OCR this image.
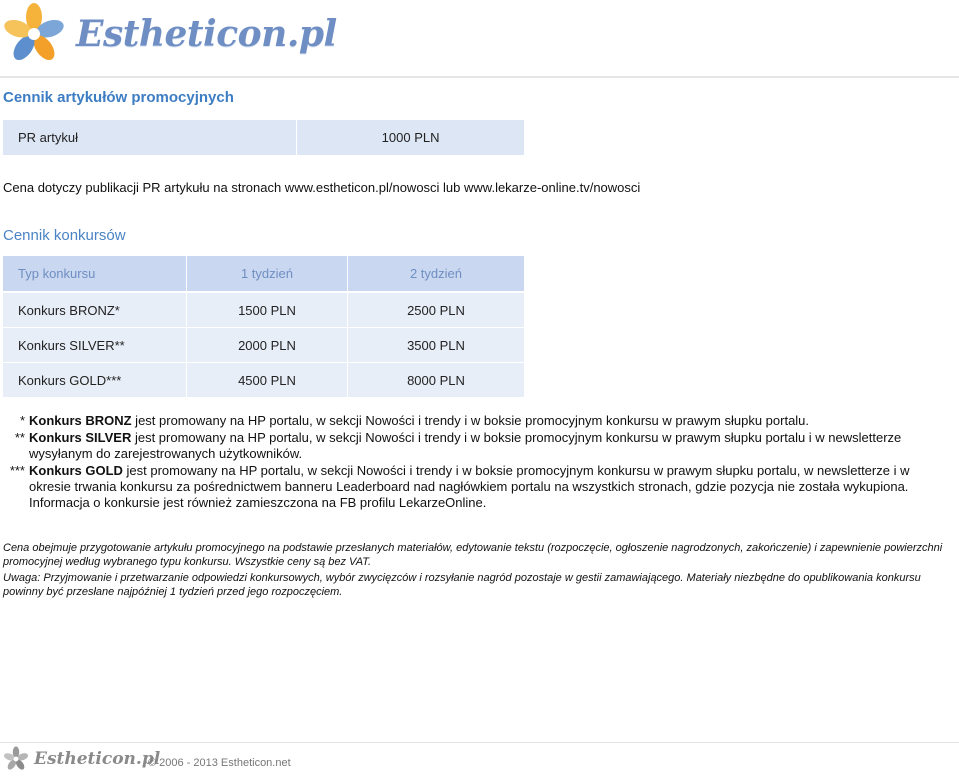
Estheticon.pl
Cennik artykułów promocyjnych
PR artykuł	1000 PLN
Cena dotyczy publikacji PR artykułu na stronach www.estheticon.pl/nowosci lub www.lekarze-online.tv/nowosci
Cennik konkursów
Typ konkursu	1 tydzień	2 tydzień
Konkurs BRONZ*	1500 PLN	2500 PLN
Konkurs SILVER**	2000 PLN	3500 PLN
Konkurs GOLD***	4500 PLN	8000 PLN
* Konkurs BRONZ jest promowany na HP portalu, w sekcji Nowości i trendy i w boksie promocyjnym konkursu w prawym słupku portalu.
** Konkurs SILVER jest promowany na HP portalu, w sekcji Nowości i trendy i w boksie promocyjnym konkursu w prawym słupku portalu i w newsletterze wysyłanym do zarejestrowanych użytkowników.
*** Konkurs GOLD jest promowany na HP portalu, w sekcji Nowości i trendy i w boksie promocyjnym konkursu w prawym słupku portalu, w newsletterze i w okresie trwania konkursu za pośrednictwem banneru Leaderboard nad nagłówkiem portalu na wszystkich stronach, gdzie pozycja nie została wykupiona. Informacja o konkursie jest również zamieszczona na FB profilu LekarzeOnline.
Cena obejmuje przygotowanie artykułu promocyjnego na podstawie przesłanych materiałów, edytowanie tekstu (rozpoczęcie, ogłoszenie nagrodzonych, zakończenie) i zapewnienie powierzchni promocyjnej według wybranego typu konkursu. Wszystkie ceny są bez VAT.
Uwaga: Przyjmowanie i przetwarzanie odpowiedzi konkursowych, wybór zwycięzców i rozsyłanie nagród pozostaje w gestii zamawiającego. Materiały niezbędne do opublikowania konkursu powinny być przesłane najpóźniej 1 tydzień przed jego rozpoczęciem.
Estheticon.pl
© 2006 - 2013 Estheticon.net
